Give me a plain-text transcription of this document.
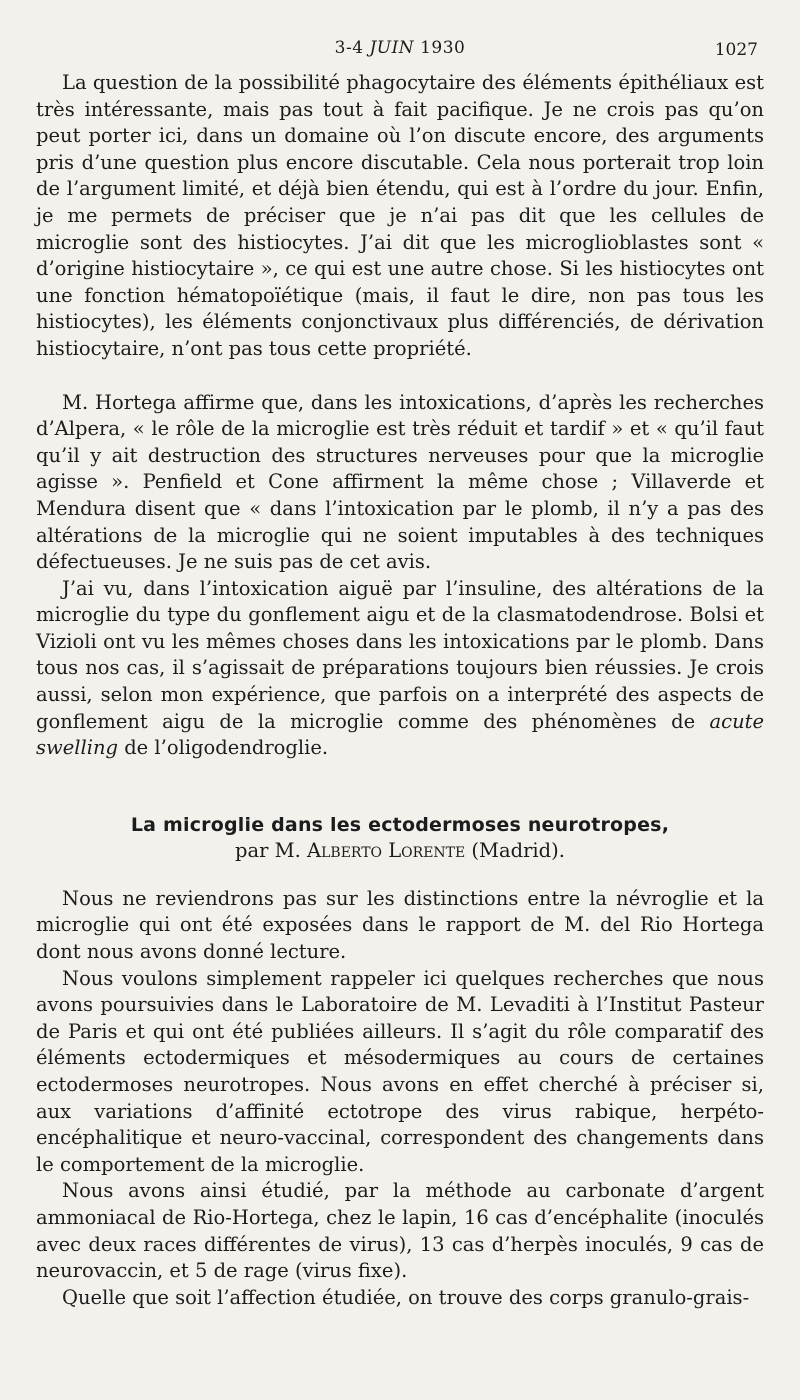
3-4 JUIN 1930	1027

La question de la possibilité phagocytaire des éléments épithéliaux est très intéressante, mais pas tout à fait pacifique. Je ne crois pas qu’on peut porter ici, dans un domaine où l’on discute encore, des arguments pris d’une question plus encore discutable. Cela nous porterait trop loin de l’argument limité, et déjà bien étendu, qui est à l’ordre du jour. Enfin, je me permets de préciser que je n’ai pas dit que les cellules de microglie sont des histiocytes. J’ai dit que les microglioblastes sont « d’origine histiocytaire », ce qui est une autre chose. Si les histiocytes ont une fonction hématopoïétique (mais, il faut le dire, non pas tous les histiocytes), les éléments conjonctivaux plus différenciés, de dérivation histiocytaire, n’ont pas tous cette propriété.

M. Hortega affirme que, dans les intoxications, d’après les recherches d’Alpera, « le rôle de la microglie est très réduit et tardif » et « qu’il faut qu’il y ait destruction des structures nerveuses pour que la microglie agisse ». Penfield et Cone affirment la même chose ; Villaverde et Mendura disent que « dans l’intoxication par le plomb, il n’y a pas des altérations de la microglie qui ne soient imputables à des techniques défectueuses. Je ne suis pas de cet avis.

J’ai vu, dans l’intoxication aiguë par l’insuline, des altérations de la microglie du type du gonflement aigu et de la clasmatodendrose. Bolsi et Vizioli ont vu les mêmes choses dans les intoxications par le plomb. Dans tous nos cas, il s’agissait de préparations toujours bien réussies. Je crois aussi, selon mon expérience, que parfois on a interprété des aspects de gonflement aigu de la microglie comme des phénomènes de acute swelling de l’oligodendroglie.

La microglie dans les ectodermoses neurotropes,
par M. Alberto Lorente (Madrid).

Nous ne reviendrons pas sur les distinctions entre la névroglie et la microglie qui ont été exposées dans le rapport de M. del Rio Hortega dont nous avons donné lecture.

Nous voulons simplement rappeler ici quelques recherches que nous avons poursuivies dans le Laboratoire de M. Levaditi à l’Institut Pasteur de Paris et qui ont été publiées ailleurs. Il s’agit du rôle comparatif des éléments ectodermiques et mésodermiques au cours de certaines ectodermoses neurotropes. Nous avons en effet cherché à préciser si, aux variations d’affinité ectotrope des virus rabique, herpéto-encéphalitique et neuro-vaccinal, correspondent des changements dans le comportement de la microglie.

Nous avons ainsi étudié, par la méthode au carbonate d’argent ammoniacal de Rio-Hortega, chez le lapin, 16 cas d’encéphalite (inoculés avec deux races différentes de virus), 13 cas d’herpès inoculés, 9 cas de neurovaccin, et 5 de rage (virus fixe).

Quelle que soit l’affection étudiée, on trouve des corps granulo-grais-
